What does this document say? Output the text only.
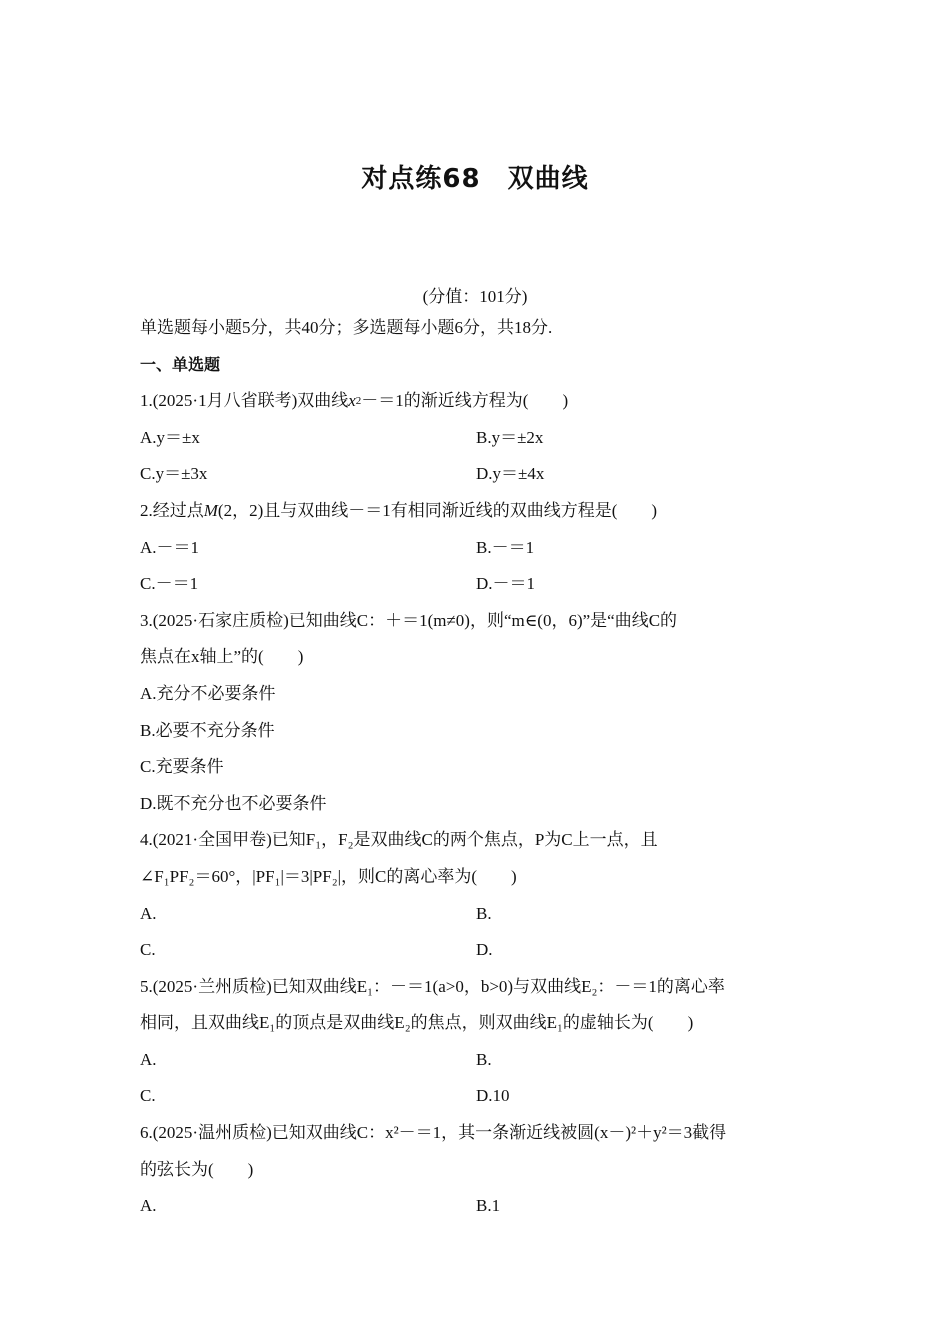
对点练68　双曲线
(分值：101分)
单选题每小题5分，共40分；多选题每小题6分，共18分.
一、单选题
1.(2025·1月八省联考)双曲线 x 2 －＝1的渐近线方程为(　　)
A.y＝±x	B.y＝±2x
C.y＝±3x	D.y＝±4x
2.经过点 M (2，2)且与双曲线－＝1有相同渐近线的双曲线方程是(　　)
A.－＝1	B.－＝1
C.－＝1	D.－＝1
3.(2025·石家庄质检)已知曲线C：＋＝1(m≠0)，则“m∈(0，6)”是“曲线C的
焦点在x轴上”的(　　)
A.充分不必要条件
B.必要不充分条件
C.充要条件
D.既不充分也不必要条件
4.(2021·全国甲卷)已知F₁，F₂是双曲线C的两个焦点，P为C上一点，且
∠F₁PF₂＝60°，|PF₁|＝3|PF₂|，则C的离心率为(　　)
A.	B.
C.	D.
5.(2025·兰州质检)已知双曲线E₁：－＝1(a>0，b>0)与双曲线E₂：－＝1的离心率
相同，且双曲线E₁的顶点是双曲线E₂的焦点，则双曲线E₁的虚轴长为(　　)
A.	B.
C.	D.10
6.(2025·温州质检)已知双曲线C：x²－＝1，其一条渐近线被圆(x－)²＋y²＝3截得
的弦长为(　　)
A.	B.1
